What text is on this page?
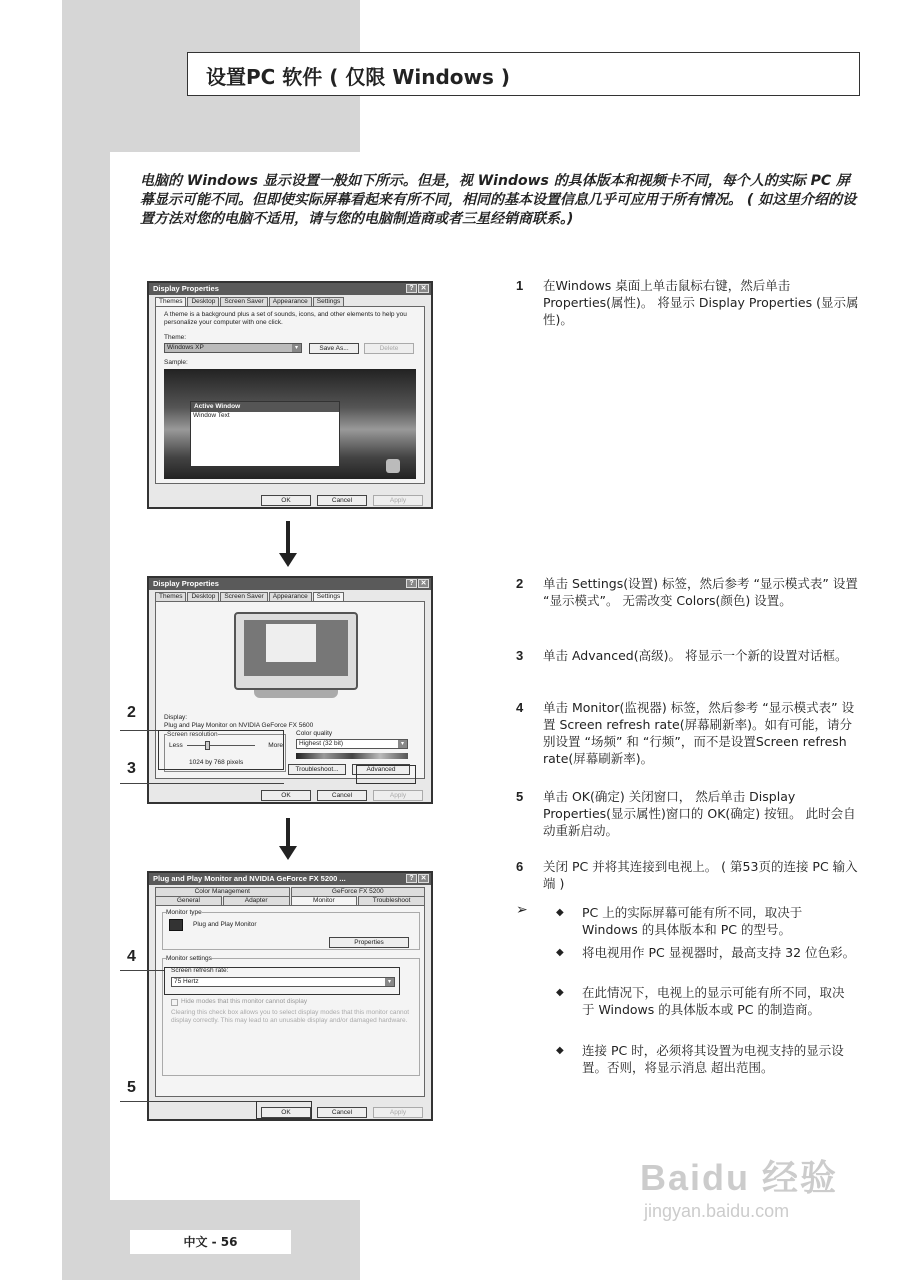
设置PC 软件 ( 仅限 Windows )
电脑的 Windows 显示设置一般如下所示。但是，视 Windows 的具体版本和视频卡不同，每个人的实际 PC 屏幕显示可能不同。但即使实际屏幕看起来有所不同，相同的基本设置信息几乎可应用于所有情况。 ( 如这里介绍的设置方法对您的电脑不适用，请与您的电脑制造商或者三星经销商联系。)
Display Properties	? ✕
Themes	Desktop	Screen Saver	Appearance	Settings
A theme is a background plus a set of sounds, icons, and other elements to help you personalize your computer with one click.
Theme:
Windows XP	▾	Save As...	Delete
Sample:
Active Window
Window Text
OK	Cancel	Apply
Display Properties	? ✕
Themes	Desktop	Screen Saver	Appearance	Settings
Display:
Plug and Play Monitor on NVIDIA GeForce FX 5600
Screen resolution
Less	More
1024 by 768 pixels
Color quality
Highest (32 bit)	▾
Troubleshoot...	Advanced
OK	Cancel	Apply
2
3
Plug and Play Monitor and NVIDIA GeForce FX 5200 ...	? ✕
Color Management	GeForce FX 5200
General	Adapter	Monitor	Troubleshoot
Monitor type
Plug and Play Monitor
Properties
Monitor settings
Screen refresh rate:
75 Hertz	▾
Hide modes that this monitor cannot display
Clearing this check box allows you to select display modes that this monitor cannot display correctly. This may lead to an unusable display and/or damaged hardware.
OK	Cancel	Apply
4
5
1 在Windows 桌面上单击鼠标右键，然后单击 Properties(属性)。 将显示 Display Properties (显示属性)。
2 单击 Settings(设置) 标签，然后参考 “显示模式表” 设置 “显示模式”。 无需改变 Colors(颜色) 设置。
3 单击 Advanced(高级)。 将显示一个新的设置对话框。
4 单击 Monitor(监视器) 标签，然后参考 “显示模式表” 设置 Screen refresh rate(屏幕刷新率)。如有可能，请分别设置 “场频” 和 “行频”，而不是设置Screen refresh rate(屏幕刷新率)。
5 单击 OK(确定) 关闭窗口， 然后单击 Display Properties(显示属性)窗口的 OK(确定) 按钮。 此时会自动重新启动。
6 关闭 PC 并将其连接到电视上。 ( 第53页的连接 PC 输入端 )
➢	◆ PC 上的实际屏幕可能有所不同，取决于 Windows 的具体版本和 PC 的型号。
◆ 将电视用作 PC 显视器时，最高支持 32 位色彩。
◆ 在此情况下，电视上的显示可能有所不同，取决于 Windows 的具体版本或 PC 的制造商。
◆ 连接 PC 时，必须将其设置为电视支持的显示设置。否则，将显示消息 超出范围。
中文 - 56
Baidu 经验
jingyan.baidu.com
